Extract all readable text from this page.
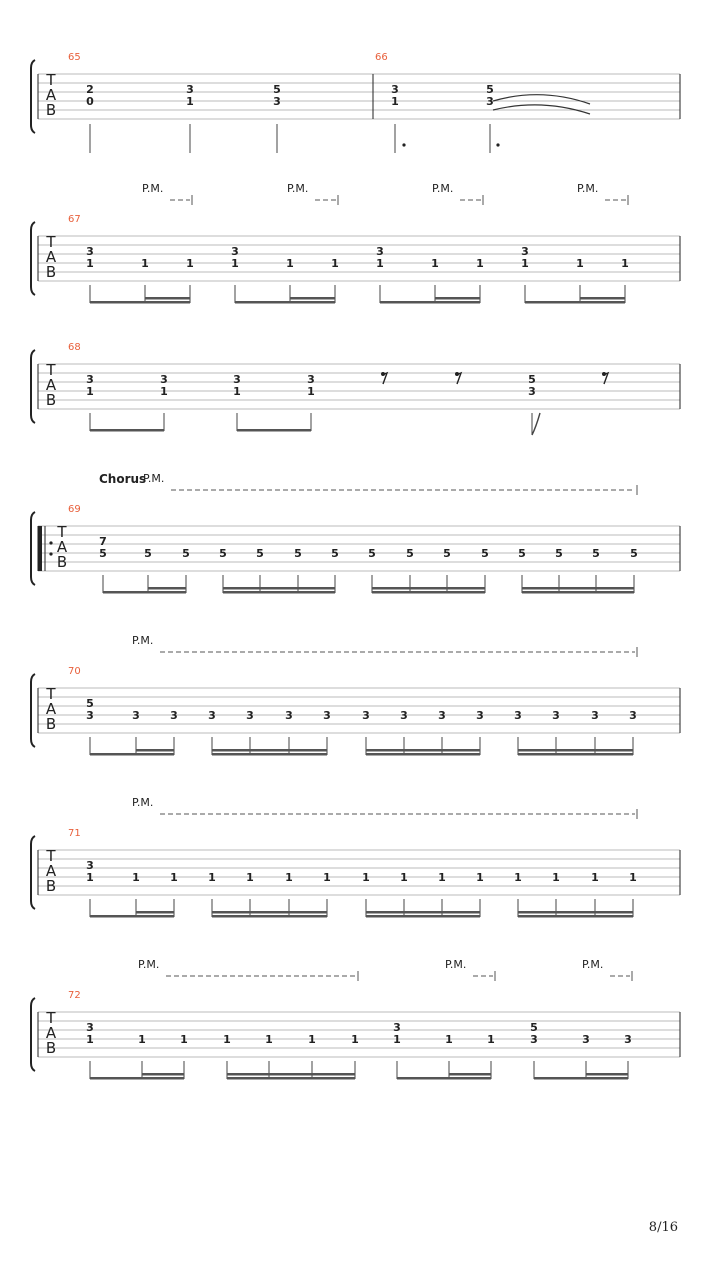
T
A
B
65	66
2
0
3
1
5
3
3
1
5
3
T
A
B
67
3
1	1	1
3
1	1	1
3
1	1	1
3
1	1	1
P.M.	P.M.	P.M.	P.M.
T
A
B
68
3
1
3
1
3
1
3
1
5
3
T
A
B
69
7
5	5	5	5	5	5	5	5	5	5	5	5	5	5	5
P.M.
Chorus
T
A
B
70
5
3	3	3	3	3	3	3	3	3	3	3	3	3	3	3
P.M.
T
A
B
71
3
1	1	1	1	1	1	1	1	1	1	1	1	1	1	1
P.M.
T
A
B
72
3
1	1	1	1	1	1	1
3
1	1	1
5
3	3	3
P.M.	P.M.	P.M.
8/16
